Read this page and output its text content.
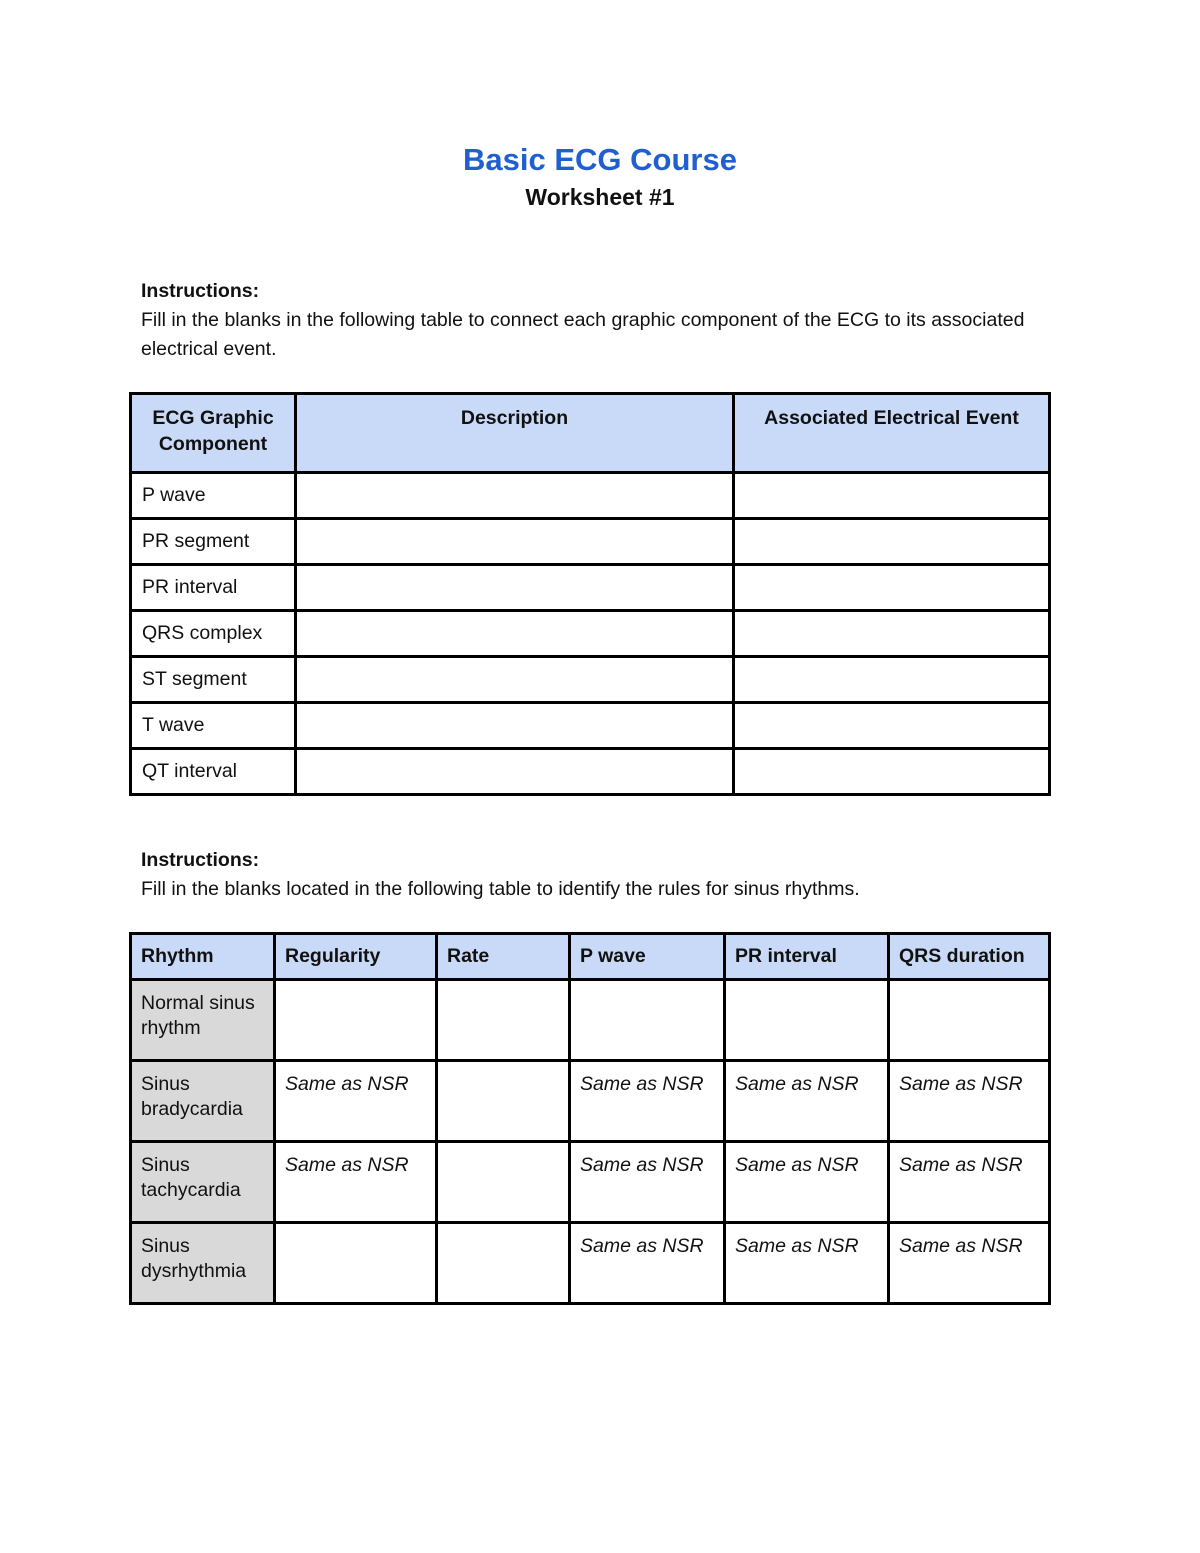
Basic ECG Course
Worksheet #1
Instructions:
Fill in the blanks in the following table to connect each graphic component of the ECG to its associated electrical event.
ECG Graphic Component	Description	Associated Electrical Event
P wave		
PR segment		
PR interval		
QRS complex		
ST segment		
T wave		
QT interval		
Instructions:
Fill in the blanks located in the following table to identify the rules for sinus rhythms.
Rhythm	Regularity	Rate	P wave	PR interval	QRS duration
Normal sinus rhythm					
Sinus bradycardia	Same as NSR		Same as NSR	Same as NSR	Same as NSR
Sinus tachycardia	Same as NSR		Same as NSR	Same as NSR	Same as NSR
Sinus dysrhythmia			Same as NSR	Same as NSR	Same as NSR
